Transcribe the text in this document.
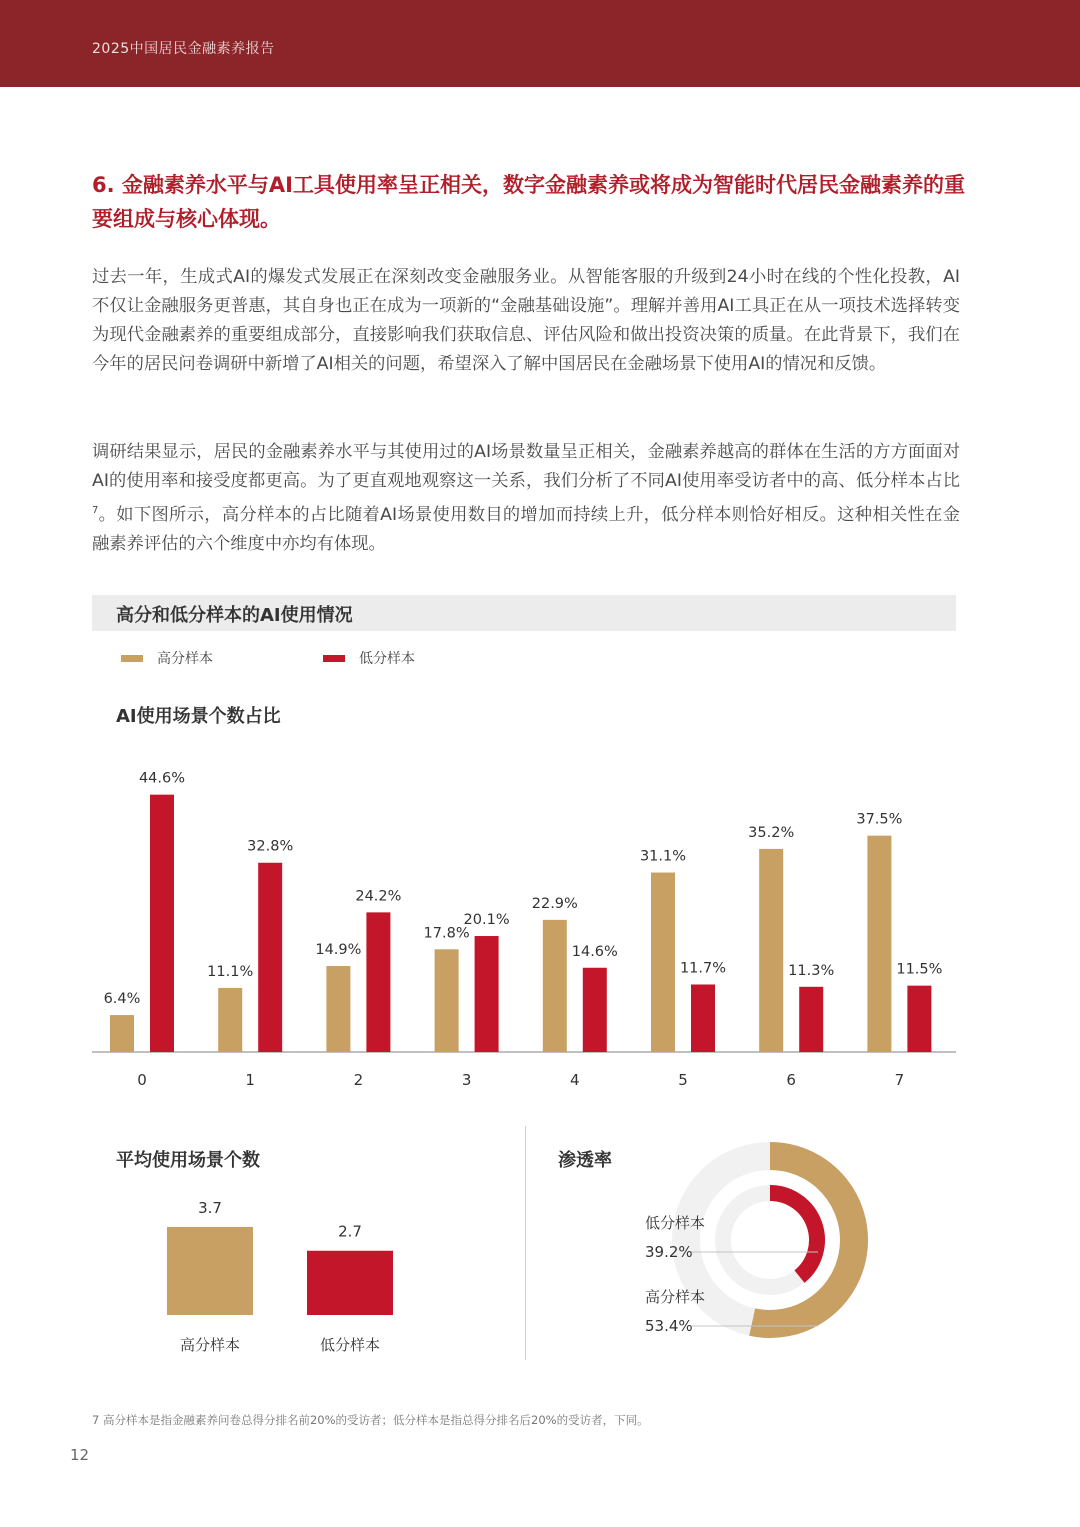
2025中国居民金融素养报告
6. 金融素养水平与AI工具使用率呈正相关，数字金融素养或将成为智能时代居民金融素养的重要组成与核心体现。
过去一年，生成式AI的爆发式发展正在深刻改变金融服务业。从智能客服的升级到24小时在线的个性化投教，AI不仅让金融服务更普惠，其自身也正在成为一项新的“金融基础设施”。理解并善用AI工具正在从一项技术选择转变为现代金融素养的重要组成部分，直接影响我们获取信息、评估风险和做出投资决策的质量。在此背景下，我们在今年的居民问卷调研中新增了AI相关的问题，希望深入了解中国居民在金融场景下使用AI的情况和反馈。
调研结果显示，居民的金融素养水平与其使用过的AI场景数量呈正相关，金融素养越高的群体在生活的方方面面对AI的使用率和接受度都更高。为了更直观地观察这一关系，我们分析了不同AI使用率受访者中的高、低分样本占比$^7$。如下图所示，高分样本的占比随着AI场景使用数目的增加而持续上升，低分样本则恰好相反。这种相关性在金融素养评估的六个维度中亦均有体现。
高分和低分样本的AI使用情况
高分样本	低分样本
AI使用场景个数占比
6.4%
44.6%
0
11.1%
32.8%
1
14.9%
24.2%
2
17.8%
20.1%
3
22.9%
14.6%
4
31.1%
11.7%
5
35.2%
11.3%
6
37.5%
11.5%
7
平均使用场景个数
3.7
高分样本
2.7
低分样本
渗透率
高分样本
53.4%
低分样本
39.2%
7 高分样本是指金融素养问卷总得分排名前20%的受访者；低分样本是指总得分排名后20%的受访者，下同。
12
